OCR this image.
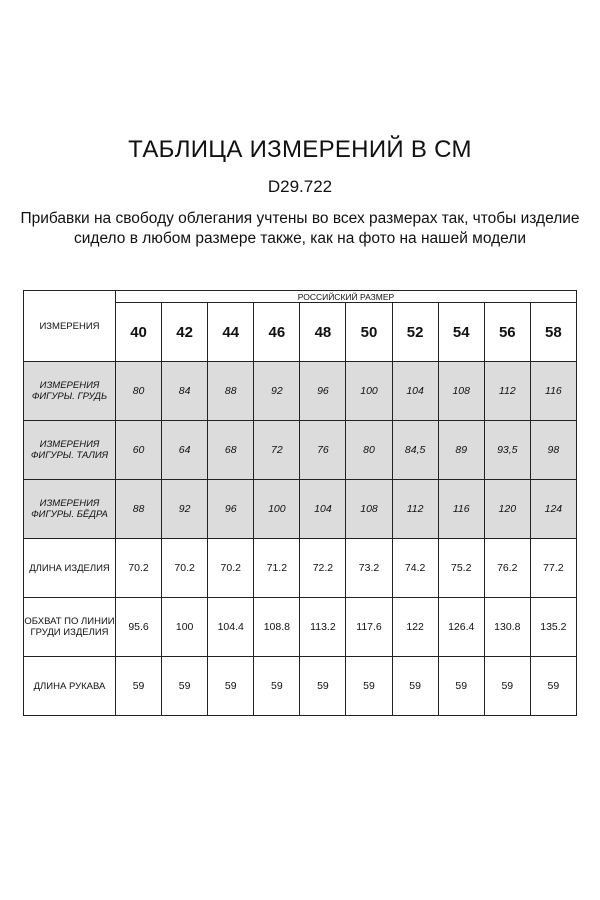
ТАБЛИЦА ИЗМЕРЕНИЙ В СМ
D29.722
Прибавки на свободу облегания учтены во всех размерах так, чтобы изделие сидело в любом размере также, как на фото на нашей модели
ИЗМЕРЕНИЯ	РОССИЙСКИЙ РАЗМЕР									
	40	42	44	46	48	50	52	54	56	58
ИЗМЕРЕНИЯ ФИГУРЫ. ГРУДЬ	80	84	88	92	96	100	104	108	112	116
ИЗМЕРЕНИЯ ФИГУРЫ. ТАЛИЯ	60	64	68	72	76	80	84,5	89	93,5	98
ИЗМЕРЕНИЯ ФИГУРЫ. БЁДРА	88	92	96	100	104	108	112	116	120	124
ДЛИНА ИЗДЕЛИЯ	70.2	70.2	70.2	71.2	72.2	73.2	74.2	75.2	76.2	77.2
ОБХВАТ ПО ЛИНИИ ГРУДИ ИЗДЕЛИЯ	95.6	100	104.4	108.8	113.2	117.6	122	126.4	130.8	135.2
ДЛИНА РУКАВА	59	59	59	59	59	59	59	59	59	59
